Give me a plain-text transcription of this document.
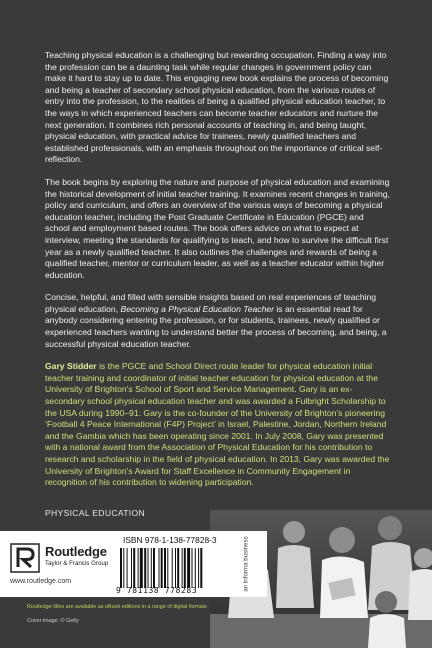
Teaching physical education is a challenging but rewarding occupation. Finding a way into the profession can be a daunting task while regular changes in government policy can make it hard to stay up to date. This engaging new book explains the process of becoming and being a teacher of secondary school physical education, from the various routes of entry into the profession, to the realities of being a qualified physical education teacher, to the ways in which experienced teachers can become teacher educators and nurture the next generation. It combines rich personal accounts of teaching in, and being taught, physical education, with practical advice for trainees, newly qualified teachers and established professionals, with an emphasis throughout on the importance of critical self-reflection.

The book begins by exploring the nature and purpose of physical education and examining the historical development of initial teacher training. It examines recent changes in training, policy and curriculum, and offers an overview of the various ways of becoming a physical education teacher, including the Post Graduate Certificate in Education (PGCE) and school and employment based routes. The book offers advice on what to expect at interview, meeting the standards for qualifying to teach, and how to survive the difficult first year as a newly qualified teacher. It also outlines the challenges and rewards of being a qualified teacher, mentor or curriculum leader, as well as a teacher educator within higher education.

Concise, helpful, and filled with sensible insights based on real experiences of teaching physical education, Becoming a Physical Education Teacher is an essential read for anybody considering entering the profession, or for students, trainees, newly qualified or experienced teachers wanting to understand better the process of becoming, and being, a successful physical education teacher.

Gary Stidder is the PGCE and School Direct route leader for physical education initial teacher training and coordinator of initial teacher education for physical education at the University of Brighton’s School of Sport and Service Management. Gary is an ex-secondary school physical education teacher and was awarded a Fulbright Scholarship to the USA during 1990–91. Gary is the co-founder of the University of Brighton’s pioneering ‘Football 4 Peace International (F4P) Project’ in Israel, Palestine, Jordan, Northern Ireland and the Gambia which has been operating since 2001. In July 2008, Gary was presented with a national award from the Association of Physical Education for his contribution to research and scholarship in the field of physical education. In 2013, Gary was awarded the University of Brighton’s Award for Staff Excellence in Community Engagement in recognition of his contribution to widening participation.

PHYSICAL EDUCATION
Routledge
Taylor & Francis Group
www.routledge.com
ISBN 978-1-138-77828-3
9 781138 778283	an informa business
Routledge titles are available as eBook editions in a range of digital formats
Cover image: © Getty
